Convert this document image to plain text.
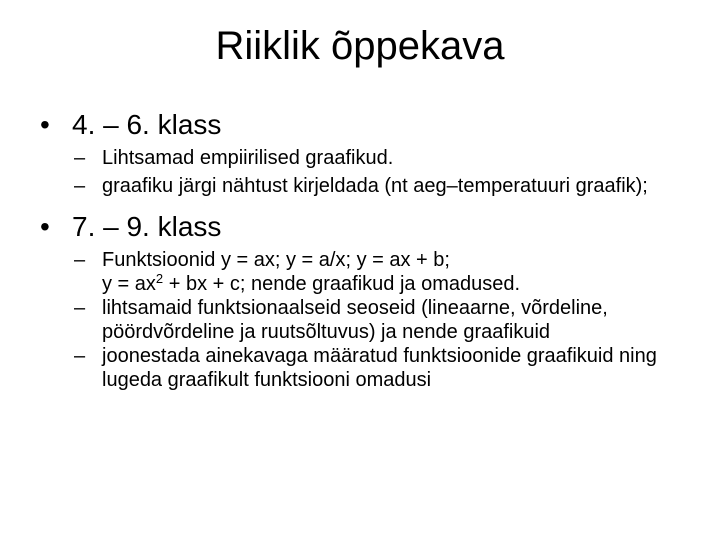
Riiklik õppekava
• 4. – 6. klass
– Lihtsamad empiirilised graafikud.
– graafiku järgi nähtust kirjeldada (nt aeg–temperatuuri graafik);
• 7. – 9. klass
– Funktsioonid y = ax; y = a/x; y = ax + b;
$y = ax^2$ + bx + c; nende graafikud ja omadused.
– lihtsamaid funktsionaalseid seoseid (lineaarne, võrdeline, pöördvõrdeline ja ruutsõltuvus) ja nende graafikuid
– joonestada ainekavaga määratud funktsioonide graafikuid ning lugeda graafikult funktsiooni omadusi
